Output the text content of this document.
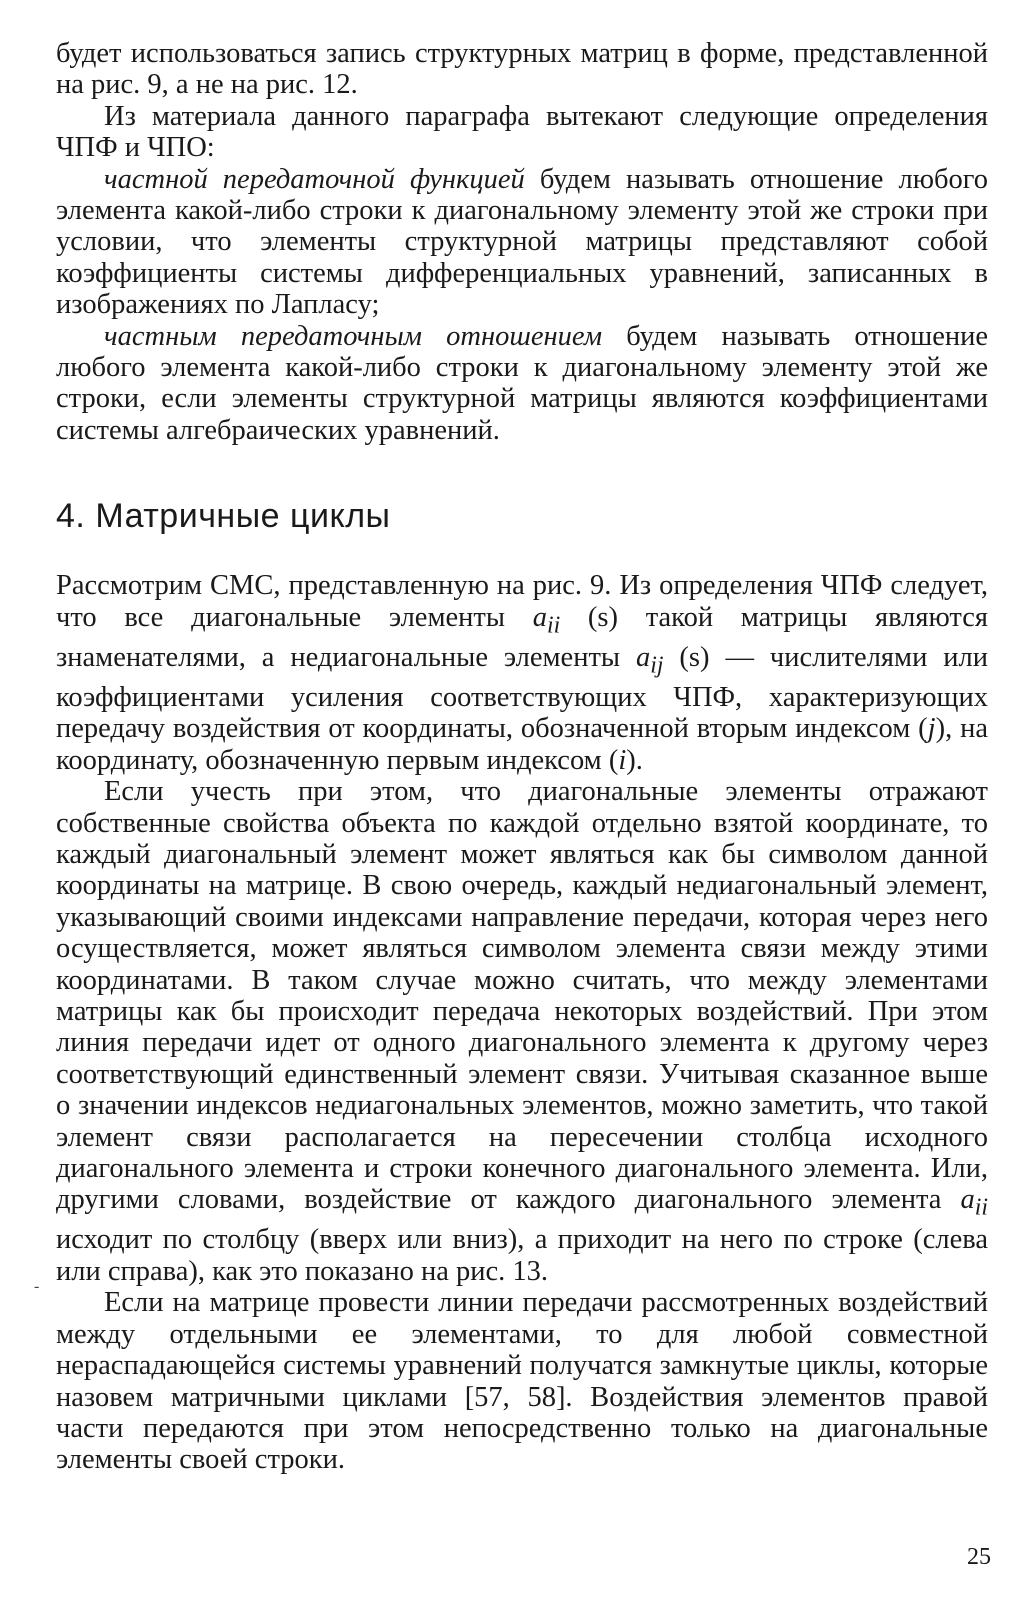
будет использоваться запись структурных матриц в форме, представленной на рис. 9, а не на рис. 12.

Из материала данного параграфа вытекают следующие определения ЧПФ и ЧПО:

частной передаточной функцией будем называть отношение любого элемента какой-либо строки к диагональному элементу этой же строки при условии, что элементы структурной матрицы представляют собой коэффициенты системы дифференциальных уравнений, записанных в изображениях по Лапласу;

частным передаточным отношением будем называть отношение любого элемента какой-либо строки к диагональному элементу этой же строки, если элементы структурной матрицы являются коэффициентами системы алгебраических уравнений.

4. Матричные циклы

Рассмотрим СМС, представленную на рис. 9. Из определения ЧПФ следует, что все диагональные элементы $a_{ii}$ (s) такой матрицы являются знаменателями, а недиагональные элементы $a_{ij}$ (s) — числителями или коэффициентами усиления соответствующих ЧПФ, характеризующих передачу воздействия от координаты, обозначенной вторым индексом (j), на координату, обозначенную первым индексом (i).

Если учесть при этом, что диагональные элементы отражают собственные свойства объекта по каждой отдельно взятой координате, то каждый диагональный элемент может являться как бы символом данной координаты на матрице. В свою очередь, каждый недиагональный элемент, указывающий своими индексами направление передачи, которая через него осуществляется, может являться символом элемента связи между этими координатами. В таком случае можно считать, что между элементами матрицы как бы происходит передача некоторых воздействий. При этом линия передачи идет от одного диагонального элемента к другому через соответствующий единственный элемент связи. Учитывая сказанное выше о значении индексов недиагональных элементов, можно заметить, что такой элемент связи располагается на пересечении столбца исходного диагонального элемента и строки конечного диагонального элемента. Или, другими словами, воздействие от каждого диагонального элемента $a_{ii}$ исходит по столбцу (вверх или вниз), а приходит на него по строке (слева или справа), как это показано на рис. 13.

Если на матрице провести линии передачи рассмотренных воздействий между отдельными ее элементами, то для любой совместной нераспадающейся системы уравнений получатся замкнутые циклы, которые назовем матричными циклами [57, 58]. Воздействия элементов правой части передаются при этом непосредственно только на диагональные элементы своей строки.

-
25
